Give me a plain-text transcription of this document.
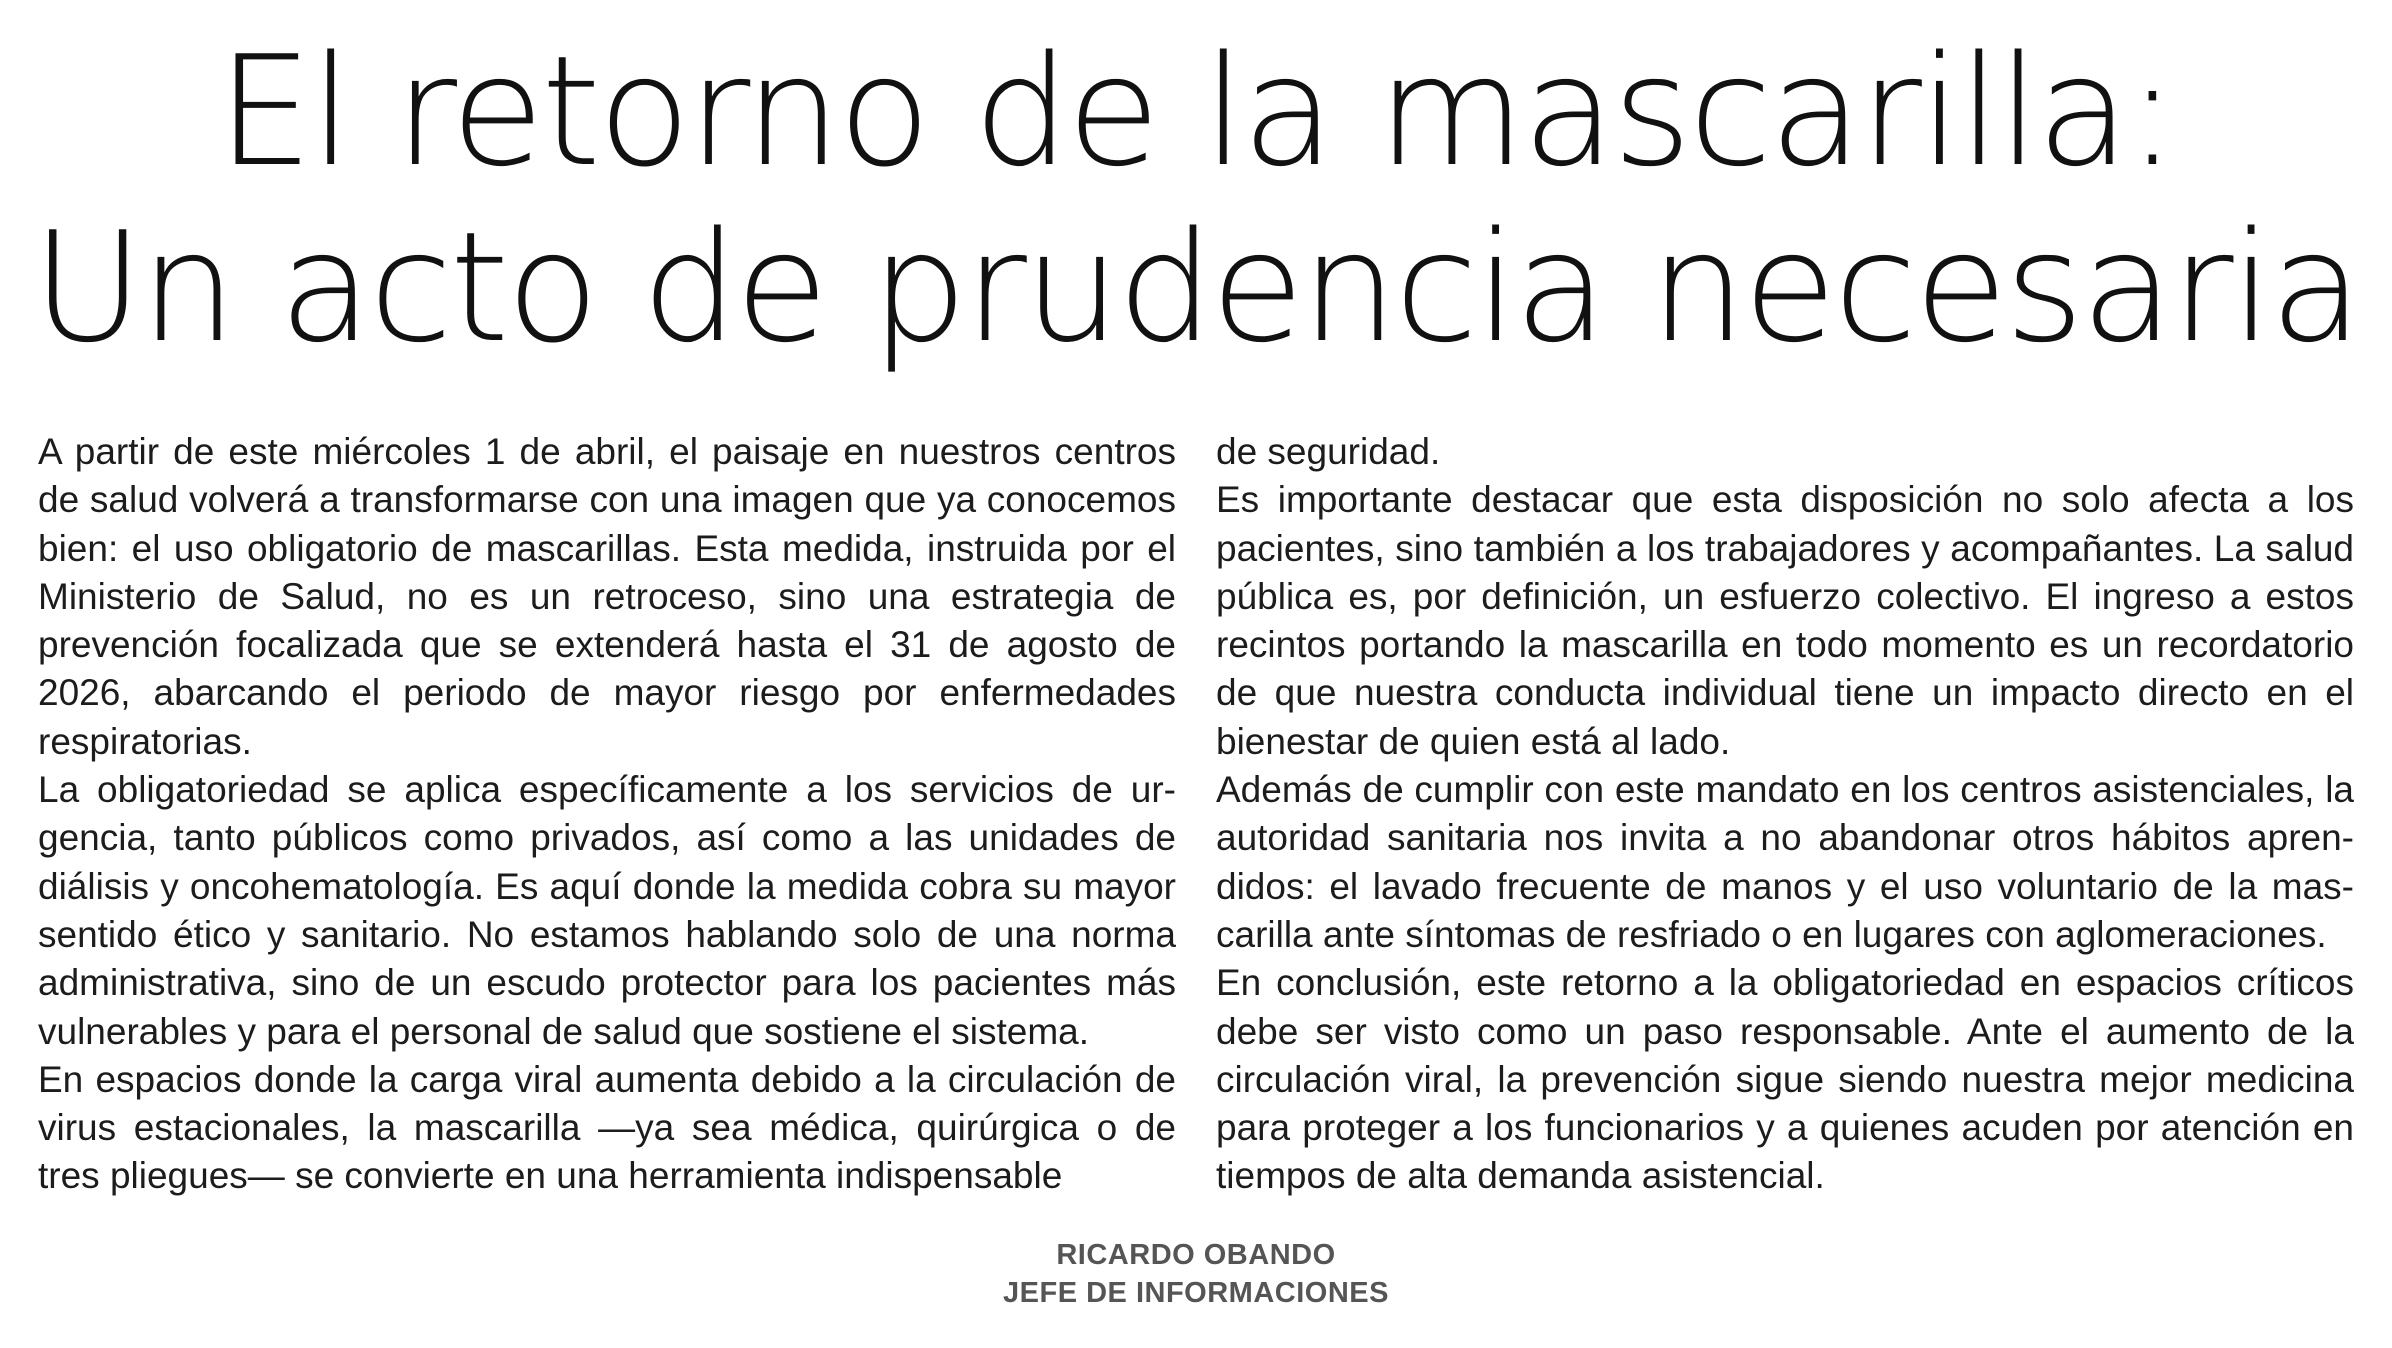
El retorno de la mascarilla:
Un acto de prudencia necesaria

A partir de este miércoles 1 de abril, el paisaje en nuestros centros de salud volverá a transformarse con una imagen que ya conocemos bien: el uso obligatorio de mascarillas. Esta medida, instruida por el Ministerio de Salud, no es un retroceso, sino una estrategia de prevención focalizada que se extenderá hasta el 31 de agosto de 2026, abarcando el periodo de mayor riesgo por enfermedades respiratorias.

La obligatoriedad se aplica específicamente a los servicios de urgencia, tanto públicos como privados, así como a las unidades de diálisis y oncohematología. Es aquí donde la medida cobra su mayor sentido ético y sanitario. No estamos hablando solo de una norma administrativa, sino de un escudo protector para los pacientes más vulnerables y para el personal de salud que sostiene el sistema.

En espacios donde la carga viral aumenta debido a la circulación de virus estacionales, la mascarilla —ya sea médica, quirúrgica o de tres pliegues— se convierte en una herramienta indispensable

de seguridad.

Es importante destacar que esta disposición no solo afecta a los pacientes, sino también a los trabajadores y acompañantes. La salud pública es, por definición, un esfuerzo colectivo. El ingreso a estos recintos portando la mascarilla en todo momento es un recordatorio de que nuestra conducta individual tiene un impacto directo en el bienestar de quien está al lado.

Además de cumplir con este mandato en los centros asistenciales, la autoridad sanitaria nos invita a no abandonar otros hábitos aprendidos: el lavado frecuente de manos y el uso voluntario de la mascarilla ante síntomas de resfriado o en lugares con aglomeraciones.

En conclusión, este retorno a la obligatoriedad en espacios críticos debe ser visto como un paso responsable. Ante el aumento de la circulación viral, la prevención sigue siendo nuestra mejor medicina para proteger a los funcionarios y a quienes acuden por atención en tiempos de alta demanda asistencial.

RICARDO OBANDO
JEFE DE INFORMACIONES
